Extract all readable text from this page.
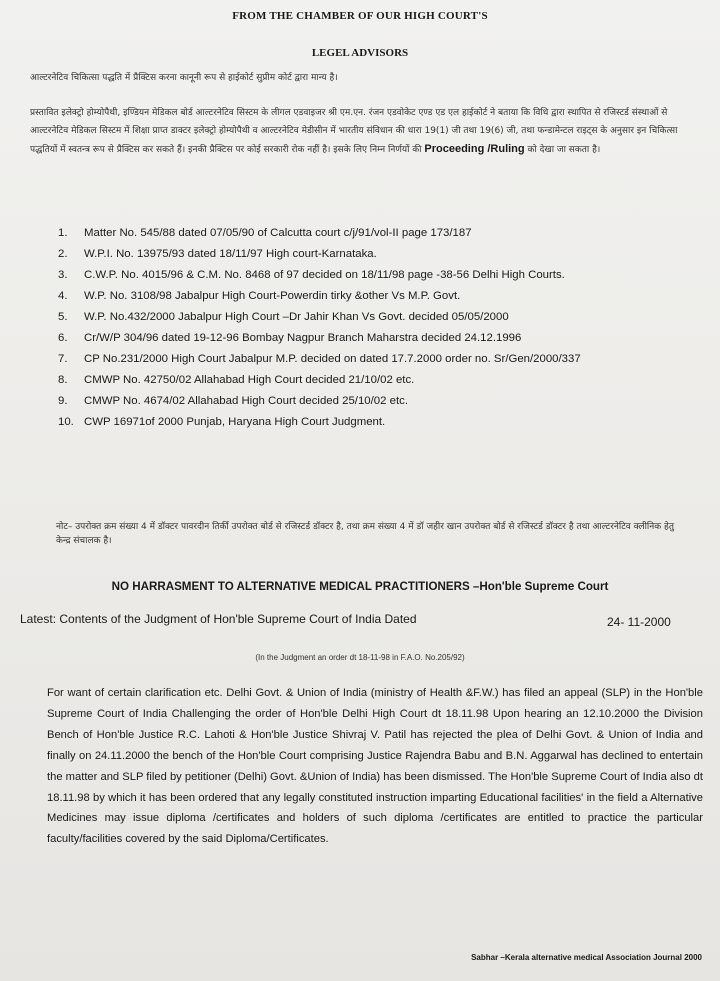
FROM THE CHAMBER OF OUR HIGH COURT'S
LEGEL ADVISORS
आल्टरनेटिव चिकित्सा पद्धति में प्रैक्टिस करना कानूनी रूप से हाईकोर्ट सुप्रीम कोर्ट द्वारा मान्य है।
प्रस्तावित इलेक्ट्रो होम्योपैथी, इण्डियन मेडिकल बोर्ड आल्टरनेटिव सिस्टम के लीगल एडवाइजर श्री एम.एन. रंजन एडवोकेट एण्ड एड एल हाईकोर्ट ने बताया कि विधि द्वारा स्थापित से रजिस्टर्ड संस्थाओं से आल्टरनेटिव मेडिकल सिस्टम में शिक्षा प्राप्त डाक्टर इलेक्ट्रो होम्योपैथी व आल्टरनेटिव मेडीसीन में भारतीय संविधान की धारा 19(1) जी तथा 19(6) जी, तथा फन्डामेन्टल राइट्स के अनुसार इन चिकित्सा पद्धतियों में स्वतन्त्र रूप से प्रैक्टिस कर सकते हैं। इनकी प्रैक्टिस पर कोई सरकारी रोक नहीं है। इसके लिए निम्न निर्णयों की Proceeding /Ruling को देखा जा सकता है।
1. Matter No. 545/88 dated 07/05/90 of Calcutta court c/j/91/vol-II page 173/187
2. W.P.I. No. 13975/93 dated 18/11/97 High court-Karnataka.
3. C.W.P. No. 4015/96 & C.M. No. 8468 of 97 decided on 18/11/98 page -38-56 Delhi High Courts.
4. W.P. No. 3108/98 Jabalpur High Court-Powerdin tirky &other Vs M.P. Govt.
5. W.P. No.432/2000 Jabalpur High Court –Dr Jahir Khan Vs Govt. decided 05/05/2000
6. Cr/W/P 304/96 dated 19-12-96 Bombay Nagpur Branch Maharstra decided 24.12.1996
7. CP No.231/2000 High Court Jabalpur M.P. decided on dated 17.7.2000 order no. Sr/Gen/2000/337
8. CMWP No. 42750/02 Allahabad High Court decided 21/10/02 etc.
9. CMWP No. 4674/02 Allahabad High Court decided 25/10/02 etc.
10. CWP 16971of 2000 Punjab, Haryana High Court Judgment.
नोट– उपरोक्त क्रम संख्या 4 में डॉक्टर पावरदीन तिर्की उपरोक्त बोर्ड से रजिस्टर्ड डॉक्टर है, तथा क्रम संख्या 4 में डॉ जहीर खान उपरोक्त बोर्ड से रजिस्टर्ड डॉक्टर है तथा आल्टरनेटिव क्लीनिक हेतु केन्द्र संचालक है।
NO HARRASMENT TO ALTERNATIVE MEDICAL PRACTITIONERS –Hon'ble Supreme Court
Latest: Contents of the Judgment of Hon'ble Supreme Court of India Dated	24- 11-2000
(In the Judgment an order dt 18-11-98 in F.A.O. No.205/92)

For want of certain clarification etc. Delhi Govt. & Union of India (ministry of Health &F.W.) has filed an appeal (SLP) in the Hon'ble Supreme Court of India Challenging the order of Hon'ble Delhi High Court dt 18.11.98 Upon hearing an 12.10.2000 the Division Bench of Hon'ble Justice R.C. Lahoti & Hon'ble Justice Shivraj V. Patil has rejected the plea of Delhi Govt. & Union of India and finally on 24.11.2000 the bench of the Hon'ble Court comprising Justice Rajendra Babu and B.N. Aggarwal has declined to entertain the matter and SLP filed by petitioner (Delhi) Govt. &Union of India) has been dismissed. The Hon'ble Supreme Court of India also dt 18.11.98 by which it has been ordered that any legally constituted instruction imparting Educational facilities' in the field a Alternative Medicines may issue diploma /certificates and holders of such diploma /certificates are entitled to practice the particular faculty/facilities covered by the said Diploma/Certificates.

Sabhar –Kerala alternative medical Association Journal 2000
